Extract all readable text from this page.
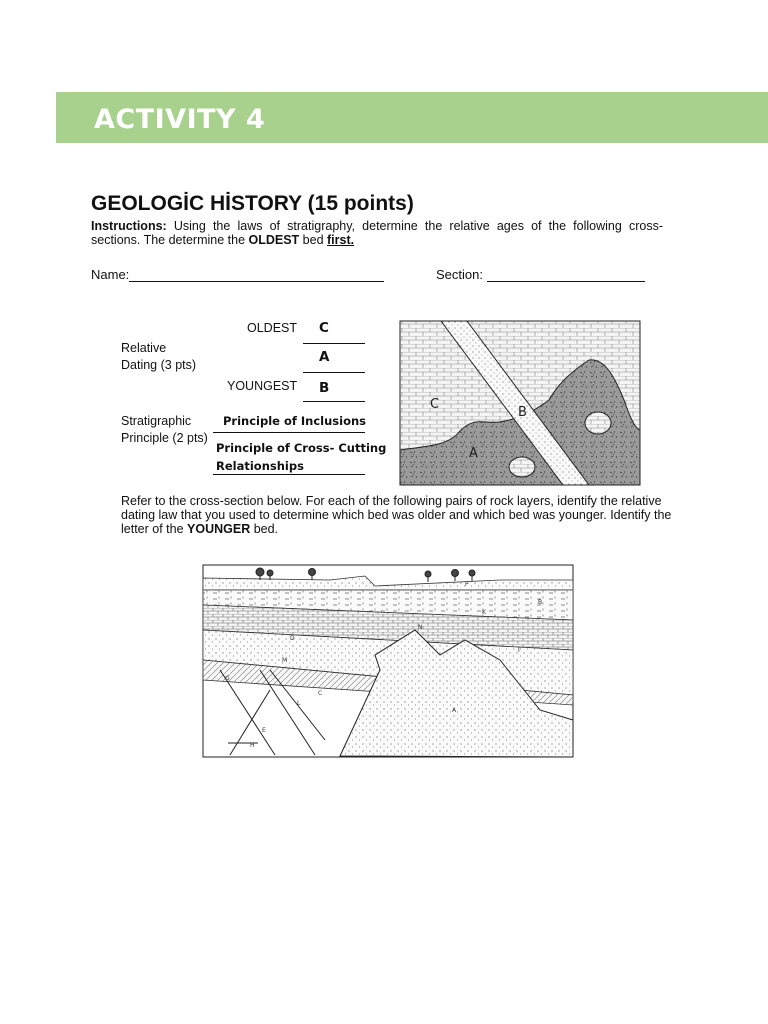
ACTIVITY 4
GEOLOGİC HİSTORY (15 points)
Instructions: Using the laws of stratigraphy, determine the relative ages of the following cross-sections. The determine the OLDEST bed first.
Name:	Section:
OLDEST C
Relative
Dating (3 pts)	A
YOUNGEST B
Stratigraphic
Principle (2 pts)
Principle of Inclusions
Principle of Cross- Cutting
Relationships
C
B
A
Refer to the cross-section below. For each of the following pairs of rock layers, identify the relative dating law that you used to determine which bed was older and which bed was younger. Identify the letter of the YOUNGER bed.
B
K
N
D
M
G
C
L
E
H
A
F
I
